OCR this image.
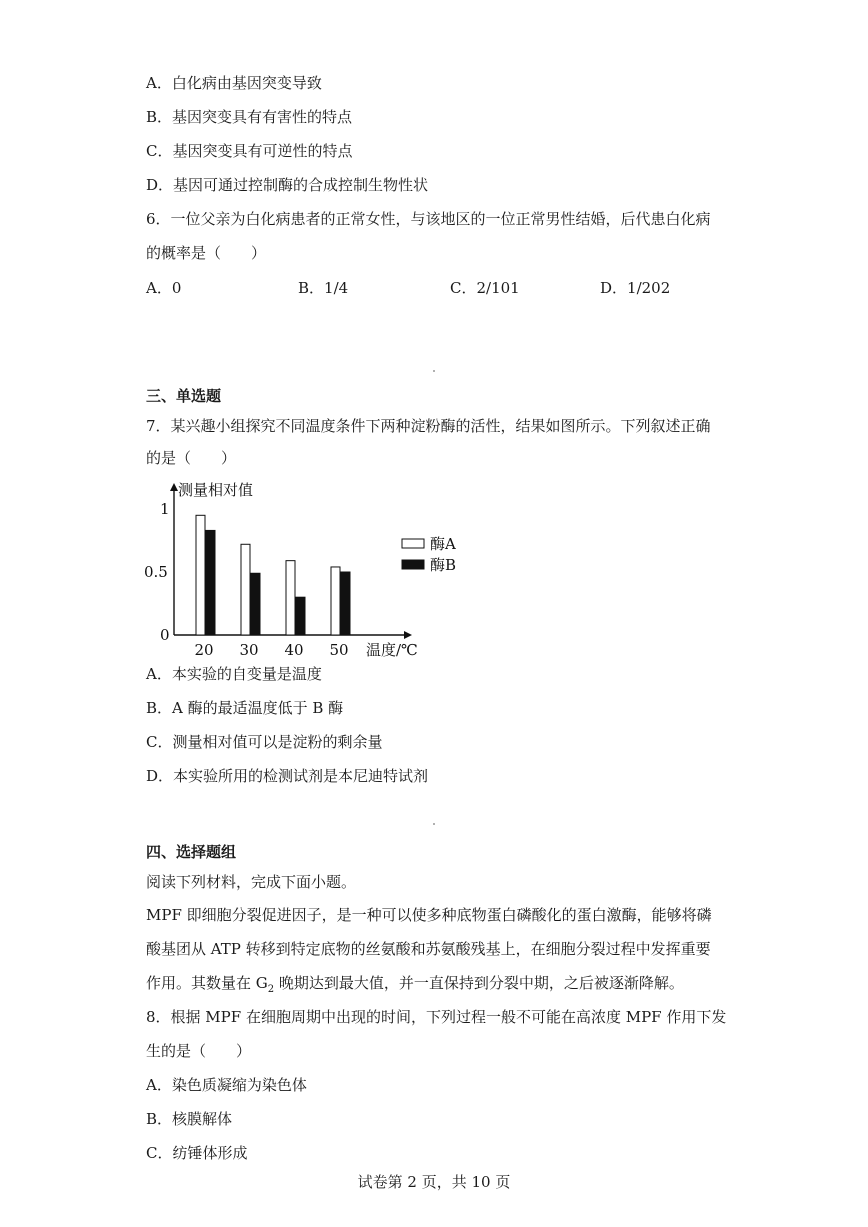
A．白化病由基因突变导致
B．基因突变具有有害性的特点
C．基因突变具有可逆性的特点
D．基因可通过控制酶的合成控制生物性状
6．一位父亲为白化病患者的正常女性，与该地区的一位正常男性结婚，后代患白化病
的概率是（　　）
A．0	B．1/4	C．2/101	D．1/202
三、单选题
7．某兴趣小组探究不同温度条件下两种淀粉酶的活性，结果如图所示。下列叙述正确
的是（　　）
测量相对值
温度/℃
0
0.5
1
20 30 40 50
酶A
酶B
A．本实验的自变量是温度
B．A 酶的最适温度低于 B 酶
C．测量相对值可以是淀粉的剩余量
D．本实验所用的检测试剂是本尼迪特试剂
四、选择题组
阅读下列材料，完成下面小题。
MPF 即细胞分裂促进因子，是一种可以使多种底物蛋白磷酸化的蛋白激酶，能够将磷
酸基团从 ATP 转移到特定底物的丝氨酸和苏氨酸残基上，在细胞分裂过程中发挥重要
作用。其数量在 $G_2$ 晚期达到最大值，并一直保持到分裂中期，之后被逐渐降解。
8．根据 MPF 在细胞周期中出现的时间，下列过程一般不可能在高浓度 MPF 作用下发
生的是（　　）
A．染色质凝缩为染色体
B．核膜解体
C．纺锤体形成
试卷第 2 页，共 10 页
